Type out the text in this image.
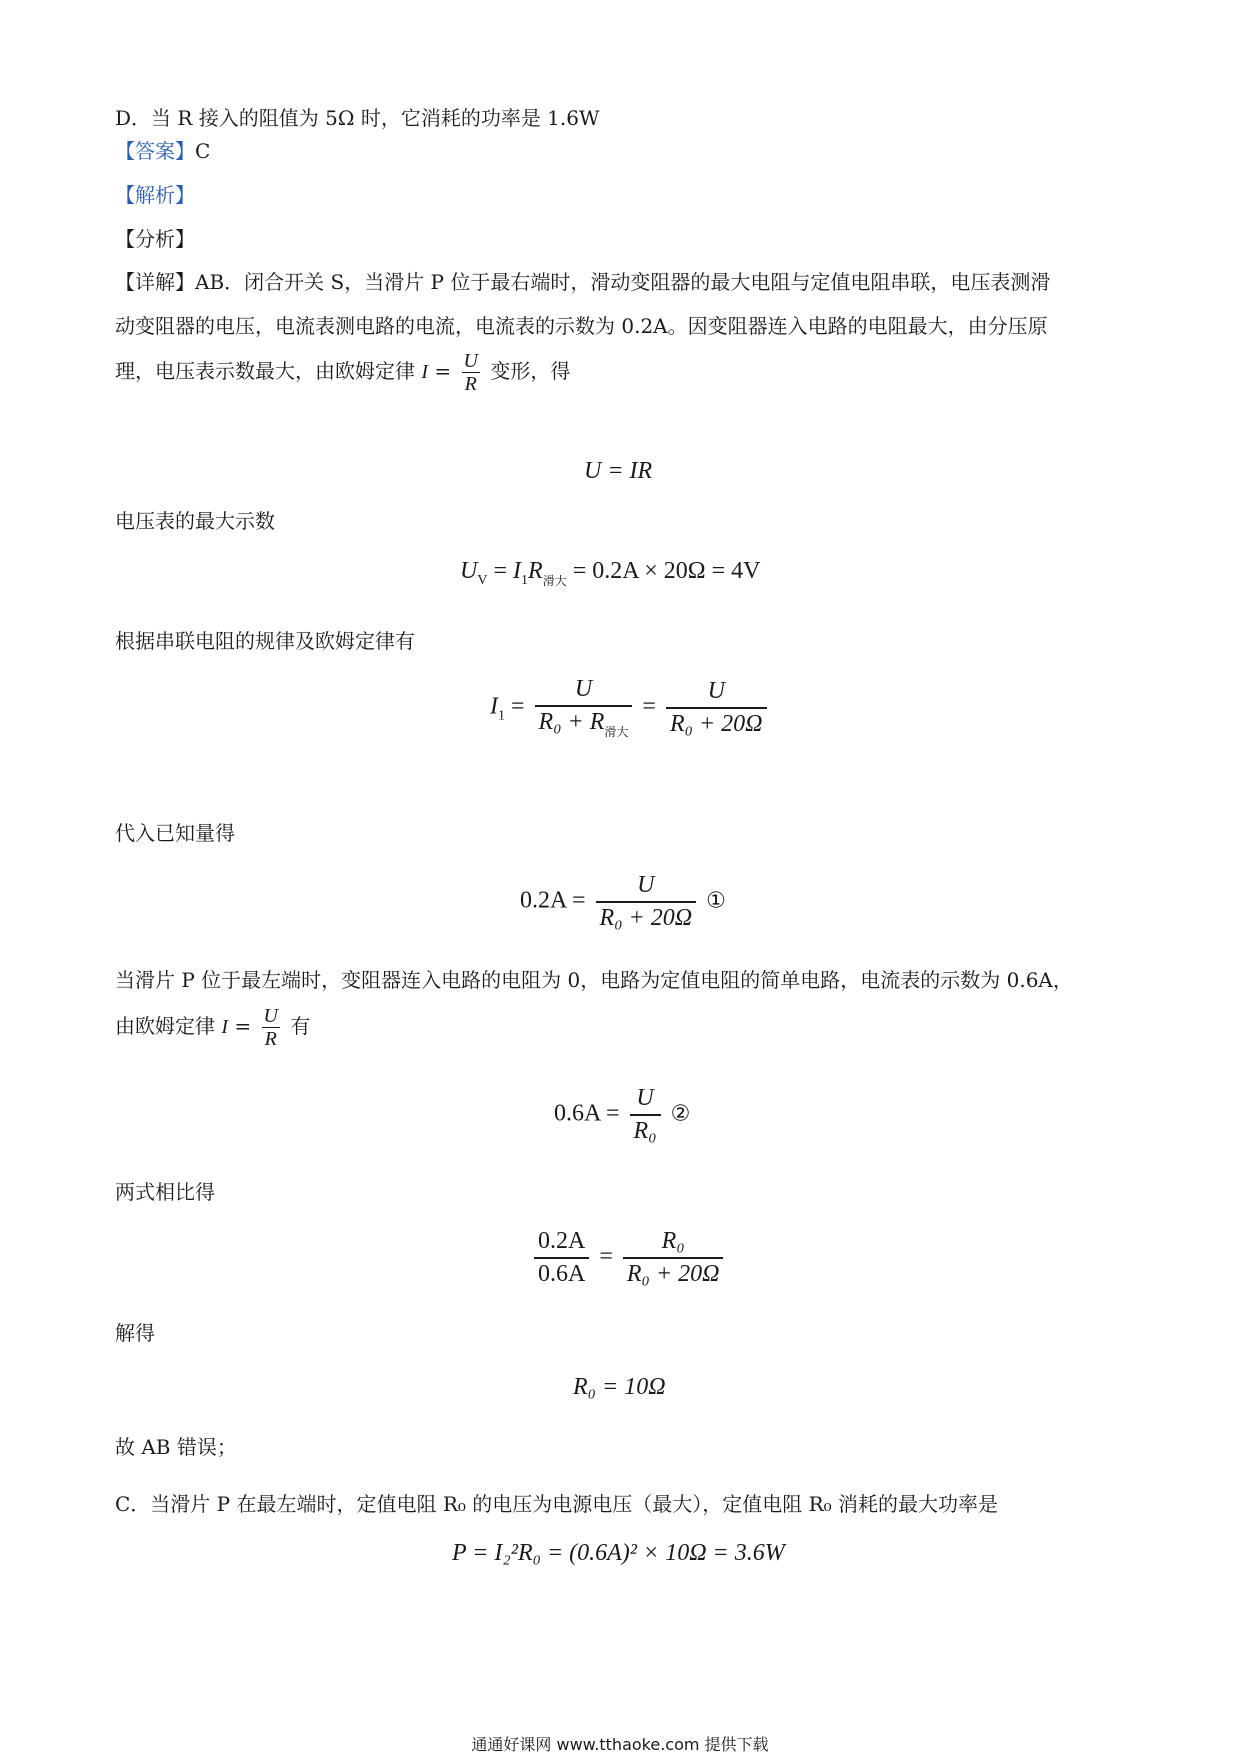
D．当 R 接入的阻值为 5Ω 时，它消耗的功率是 1.6W
【答案】C
【解析】
【分析】
【详解】AB．闭合开关 S，当滑片 P 位于最右端时，滑动变阻器的最大电阻与定值电阻串联，电压表测滑
动变阻器的电压，电流表测电路的电流，电流表的示数为 0.2A。因变阻器连入电路的电阻最大，由分压原
理，电压表示数最大，由欧姆定律 $I = \frac{U}{R}$ 变形，得
U = IR
电压表的最大示数
$U_V = I_1R_{滑大} = 0.2A \times 20\Omega = 4V$
根据串联电阻的规律及欧姆定律有
$I_1 = \frac{U}{R_0 + R_{滑大}} = \frac{U}{\text{R₀ + 20Ω}}$
代入已知量得
$0.2A = \frac{U}{\text{R₀ + 20Ω}}$ ①
当滑片 P 位于最左端时，变阻器连入电路的电阻为 0，电路为定值电阻的简单电路，电流表的示数为 0.6A，
由欧姆定律 $I = \frac{U}{R}$ 有
$0.6A = \frac{U}{\text{R₀}}$ ②
两式相比得
$\frac{0.2A}{0.6A} = \frac{\text{R₀}}{\text{R₀ + 20Ω}}$
解得
R₀ = 10Ω
故 AB 错误；
C．当滑片 P 在最左端时，定值电阻 R₀ 的电压为电源电压（最大），定值电阻 R₀ 消耗的最大功率是
P = I₂²R₀ = (0.6A)² × 10Ω = 3.6W
通通好课网 www.tthaoke.com 提供下载
